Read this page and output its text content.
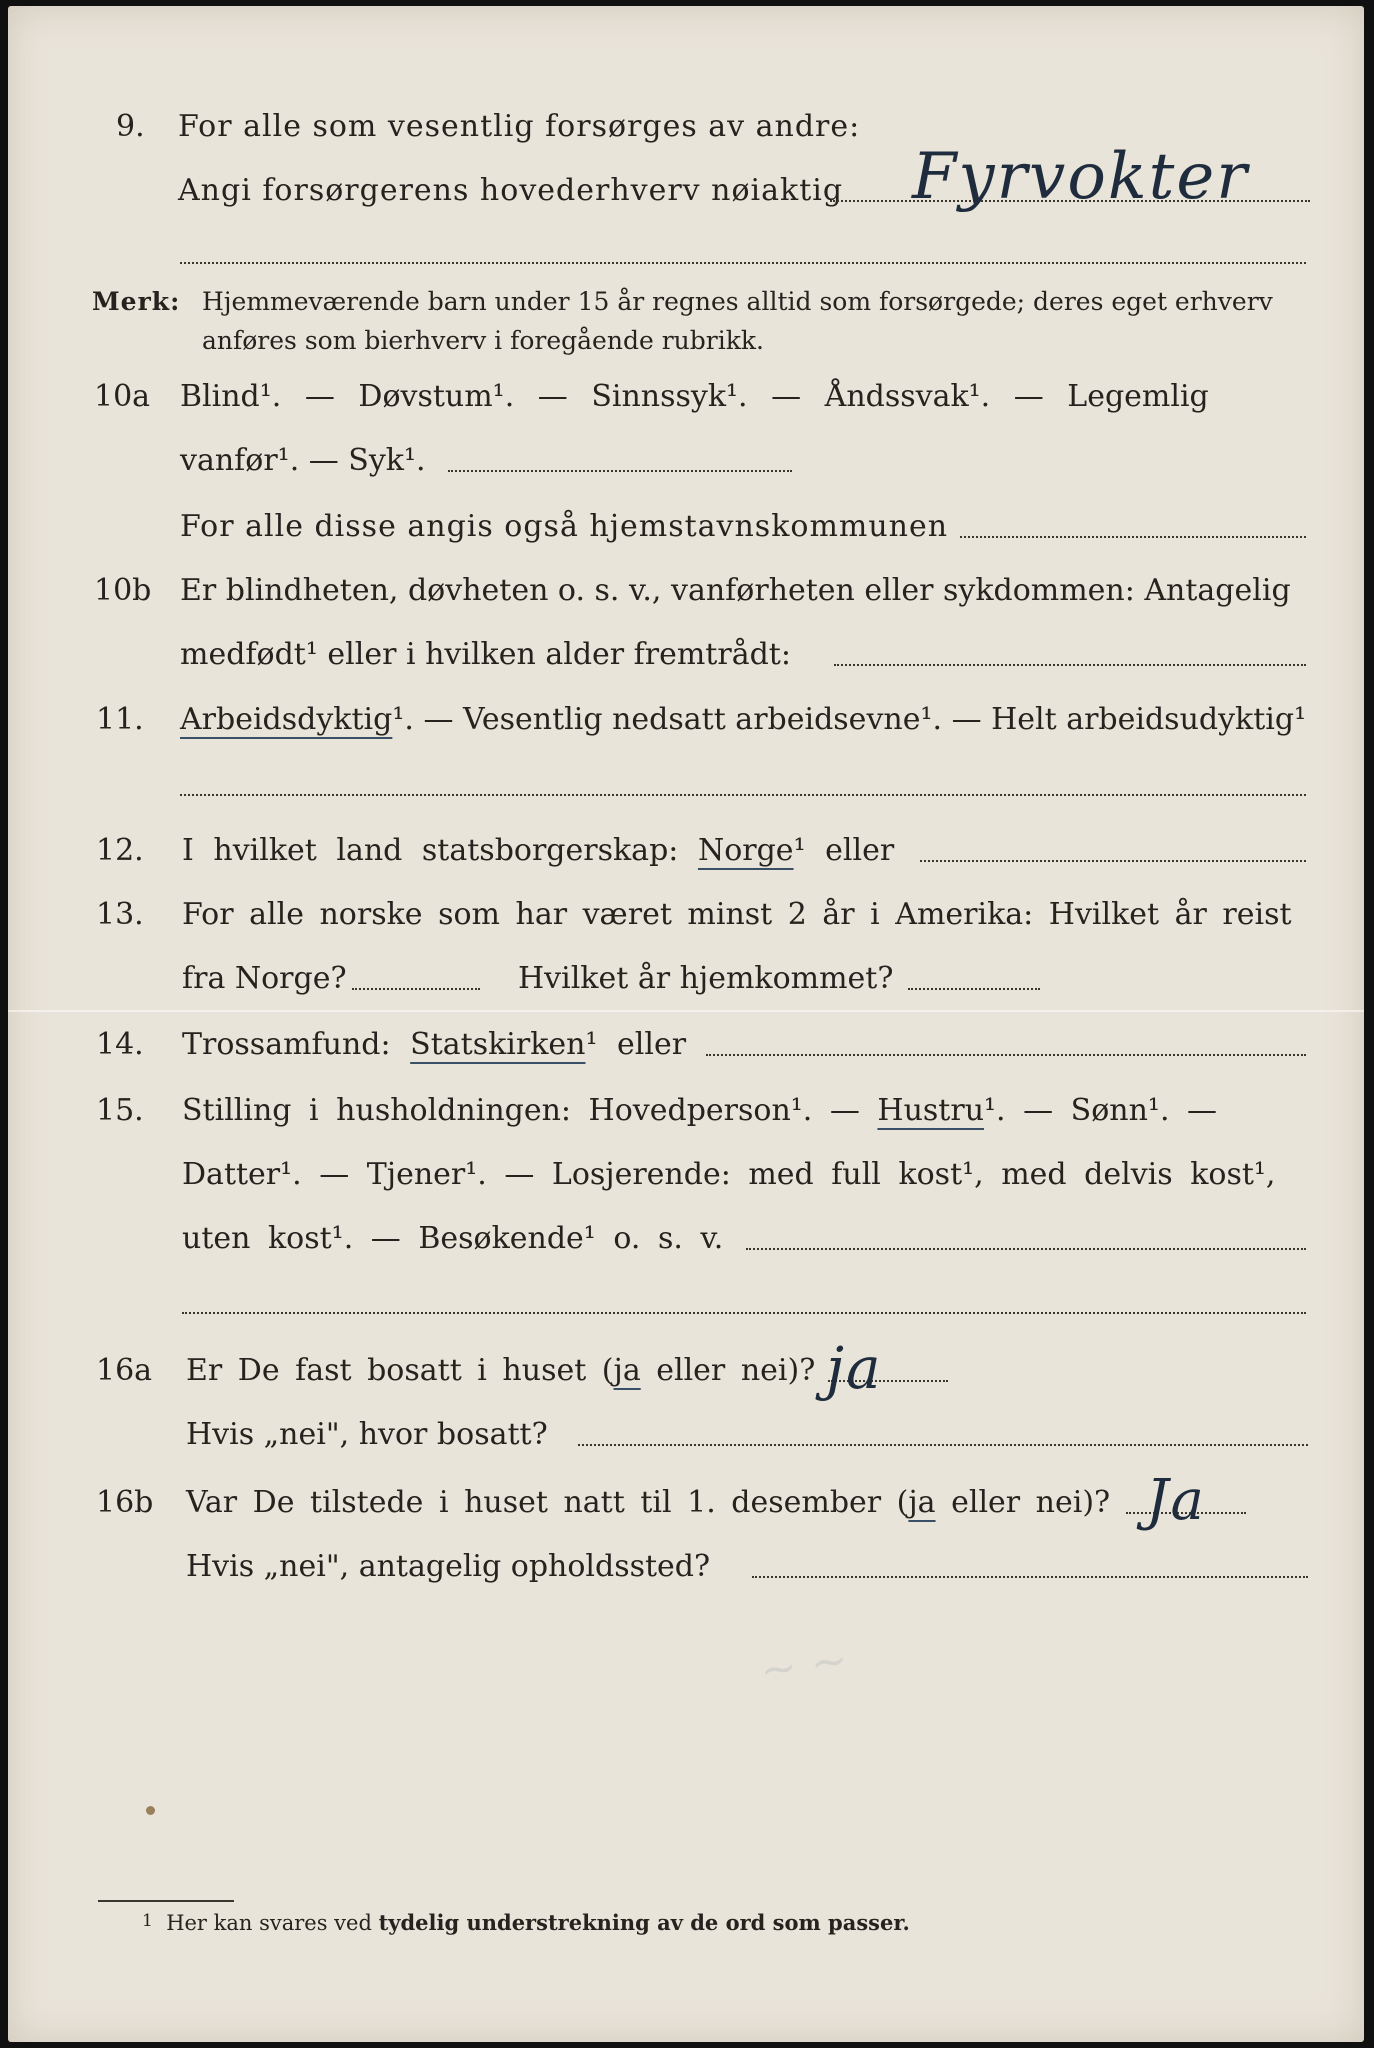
~ ~
9. For alle som vesentlig forsørges av andre:
Angi forsørgerens hovederhverv nøiaktig Fyrvokter
Merk: Hjemmeværende barn under 15 år regnes alltid som forsørgede; deres eget erhverv
anføres som bierhverv i foregående rubrikk.
10a Blind¹. — Døvstum¹. — Sinnssyk¹. — Åndssvak¹. — Legemlig
vanfør¹. — Syk¹.
For alle disse angis også hjemstavnskommunen
10b Er blindheten, døvheten o. s. v., vanførheten eller sykdommen: Antagelig
medfødt¹ eller i hvilken alder fremtrådt:
11. Arbeidsdyktig¹. — Vesentlig nedsatt arbeidsevne¹. — Helt arbeidsudyktig¹
12. I hvilket land statsborgerskap: Norge¹ eller
13. For alle norske som har været minst 2 år i Amerika: Hvilket år reist
fra Norge?	Hvilket år hjemkommet?
14. Trossamfund: Statskirken¹ eller
15. Stilling i husholdningen: Hovedperson¹. — Hustru¹. — Sønn¹. —
Datter¹. — Tjener¹. — Losjerende: med full kost¹, med delvis kost¹,
uten kost¹. — Besøkende¹ o. s. v.
16a Er De fast bosatt i huset (ja eller nei)? ja
Hvis „nei", hvor bosatt?
16b Var De tilstede i huset natt til 1. desember (ja eller nei)? Ja
Hvis „nei", antagelig opholdssted?
$^1$ Her kan svares ved tydelig understrekning av de ord som passer.
